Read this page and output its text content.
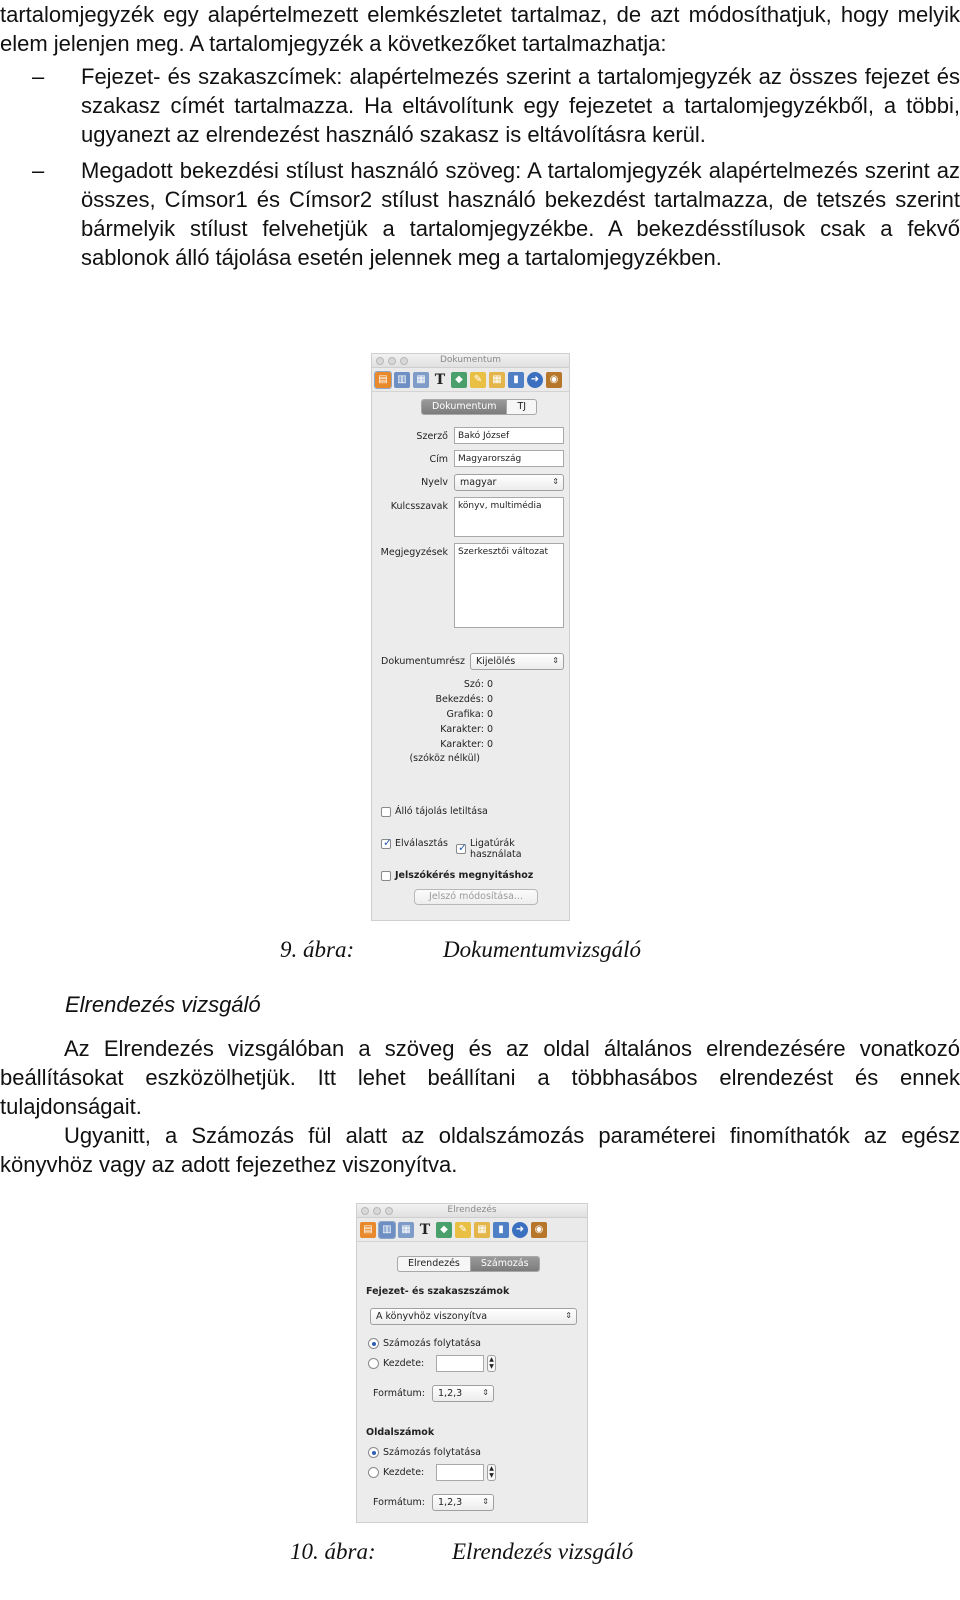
tartalomjegyzék egy alapértelmezett elemkészletet tartalmaz, de azt módosíthatjuk, hogy melyik elem jelenjen meg. A tartalomjegyzék a következőket tartalmazhatja:
–	Fejezet- és szakaszcímek: alapértelmezés szerint a tartalomjegyzék az összes fejezet és szakasz címét tartalmazza. Ha eltávolítunk egy fejezetet a tartalomjegyzékből, a többi, ugyanezt az elrendezést használó szakasz is eltávolításra kerül.
–	Megadott bekezdési stílust használó szöveg: A tartalomjegyzék alapértelmezés szerint az összes, Címsor1 és Címsor2 stílust használó bekezdést tartalmazza, de tetszés szerint bármelyik stílust felvehetjük a tartalomjegyzékbe. A bekezdésstílusok csak a fekvő sablonok álló tájolása esetén jelennek meg a tartalomjegyzékben.
Dokumentum
▤ ▥ ▦ T ◆	✎	▦	▮	➜	◉
Dokumentum	TJ
Szerző	Bakó József
Cím	Magyarország
Nyelv	magyar	⇕
Kulcsszavak	könyv, multimédia
Megjegyzések	Szerkesztői változat
Dokumentumrész	Kijelölés	⇕
Szó: 0
Bekezdés: 0
Grafika: 0
Karakter: 0
Karakter: 0
(szóköz nélkül)
Álló tájolás letiltása
✓
Elválasztás
✓ Ligatúrák használata
Jelszókérés megnyitáshoz
Jelszó módosítása...
9. ábra:	Dokumentumvizsgáló
Elrendezés vizsgáló
Az Elrendezés vizsgálóban a szöveg és az oldal általános elrendezésére vonatkozó beállításokat eszközölhetjük. Itt lehet beállítani a többhasábos elrendezést és ennek tulajdonságait.
Ugyanitt, a Számozás fül alatt az oldalszámozás paraméterei finomíthatók az egész könyvhöz vagy az adott fejezethez viszonyítva.
Elrendezés
▤ ▥ ▦ T ◆	✎	▦	▮	➜	◉
Elrendezés	Számozás
Fejezet- és szakaszszámok
A könyvhöz viszonyítva	⇕
Számozás folytatása
Kezdete:	▲
▼
Formátum:	1,2,3	⇕
Oldalszámok
Számozás folytatása
Kezdete:	▲
▼
Formátum:	1,2,3	⇕
10. ábra:	Elrendezés vizsgáló
